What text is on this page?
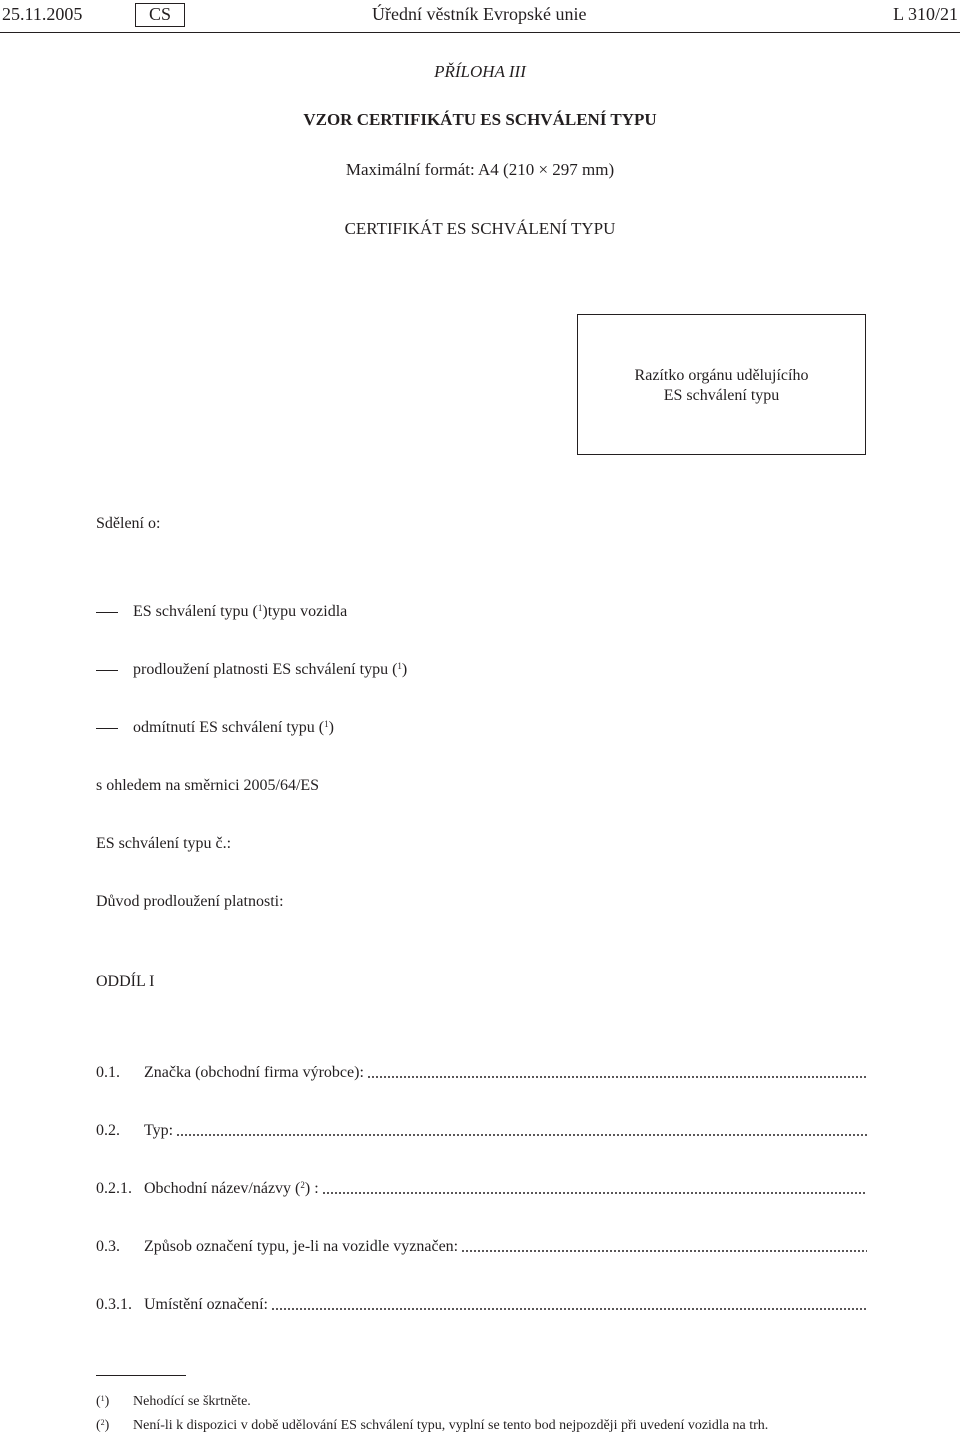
25.11.2005	CS	Úřední věstník Evropské unie	L 310/21
PŘÍLOHA III
VZOR CERTIFIKÁTU ES SCHVÁLENÍ TYPU
Maximální formát: A4 (210 × 297 mm)
CERTIFIKÁT ES SCHVÁLENÍ TYPU
Razítko orgánu udělujícího
ES schválení typu
Sdělení o:
ES schválení typu ($^1$)typu vozidla
prodloužení platnosti ES schválení typu ($^1$)
odmítnutí ES schválení typu ($^1$)
s ohledem na směrnici 2005/64/ES
ES schválení typu č.:
Důvod prodloužení platnosti:
ODDÍL I
0.1.	Značka (obchodní firma výrobce):
0.2.	Typ:
0.2.1. Obchodní název/názvy ($^2$) :
0.3.	Způsob označení typu, je-li na vozidle vyznačen:
0.3.1. Umístění označení:
($^1$) Nehodící se škrtněte.
($^2$) Není-li k dispozici v době udělování ES schválení typu, vyplní se tento bod nejpozději při uvedení vozidla na trh.
